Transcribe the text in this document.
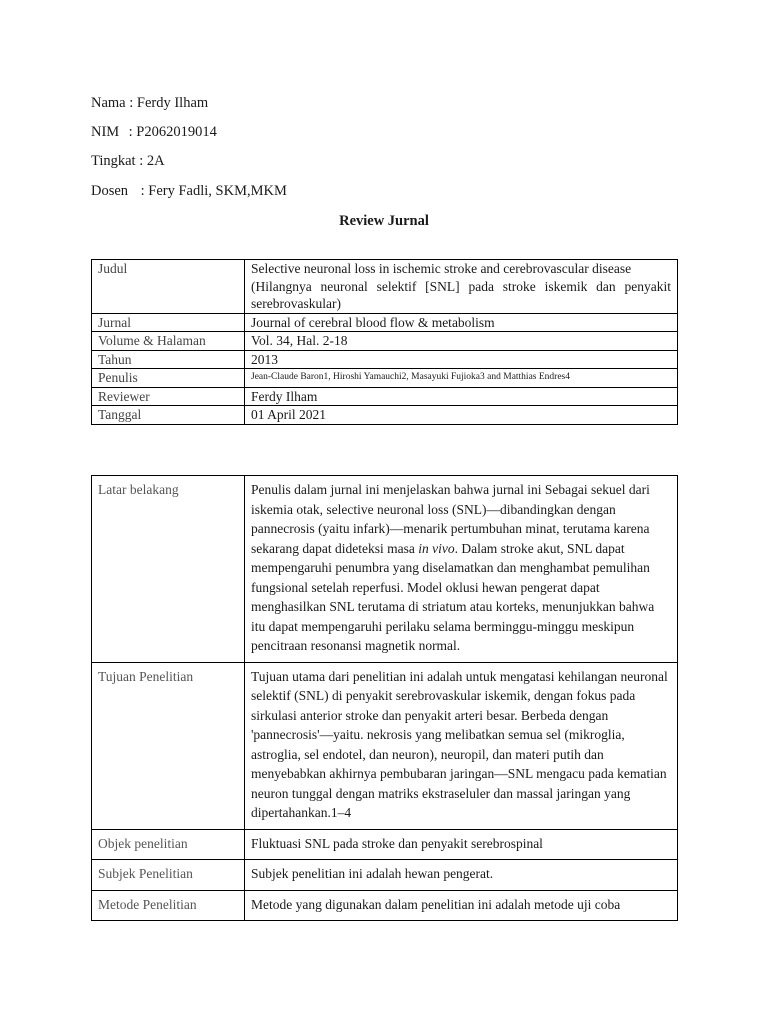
Nama : Ferdy Ilham
NIM : P2062019014
Tingkat : 2A
Dosen : Fery Fadli, SKM,MKM
Review Jurnal
Judul	Selective neuronal loss in ischemic stroke and cerebrovascular disease
(Hilangnya neuronal selektif [SNL] pada stroke iskemik dan penyakit serebrovaskular)

Jurnal	Journal of cerebral blood flow & metabolism
Volume & Halaman	Vol. 34, Hal. 2-18
Tahun	2013
Penulis	Jean-Claude Baron1, Hiroshi Yamauchi2, Masayuki Fujioka3 and Matthias Endres4
Reviewer	Ferdy Ilham
Tanggal	01 April 2021
Latar belakang	Penulis dalam jurnal ini menjelaskan bahwa jurnal ini Sebagai sekuel dari iskemia otak, selective neuronal loss (SNL)—dibandingkan dengan pannecrosis (yaitu infark)—menarik pertumbuhan minat, terutama karena sekarang dapat dideteksi masa in vivo. Dalam stroke akut, SNL dapat mempengaruhi penumbra yang diselamatkan dan menghambat pemulihan fungsional setelah reperfusi. Model oklusi hewan pengerat dapat menghasilkan SNL terutama di striatum atau korteks, menunjukkan bahwa itu dapat mempengaruhi perilaku selama berminggu-minggu meskipun pencitraan resonansi magnetik normal.
Tujuan Penelitian	Tujuan utama dari penelitian ini adalah untuk mengatasi kehilangan neuronal selektif (SNL) di penyakit serebrovaskular iskemik, dengan fokus pada sirkulasi anterior stroke dan penyakit arteri besar. Berbeda dengan 'pannecrosis'—yaitu. nekrosis yang melibatkan semua sel (mikroglia, astroglia, sel endotel, dan neuron), neuropil, dan materi putih dan menyebabkan akhirnya pembubaran jaringan—SNL mengacu pada kematian neuron tunggal dengan matriks ekstraseluler dan massal jaringan yang dipertahankan.1–4
Objek penelitian	Fluktuasi SNL pada stroke dan penyakit serebrospinal
Subjek Penelitian	Subjek penelitian ini adalah hewan pengerat.
Metode Penelitian	Metode yang digunakan dalam penelitian ini adalah metode uji coba
